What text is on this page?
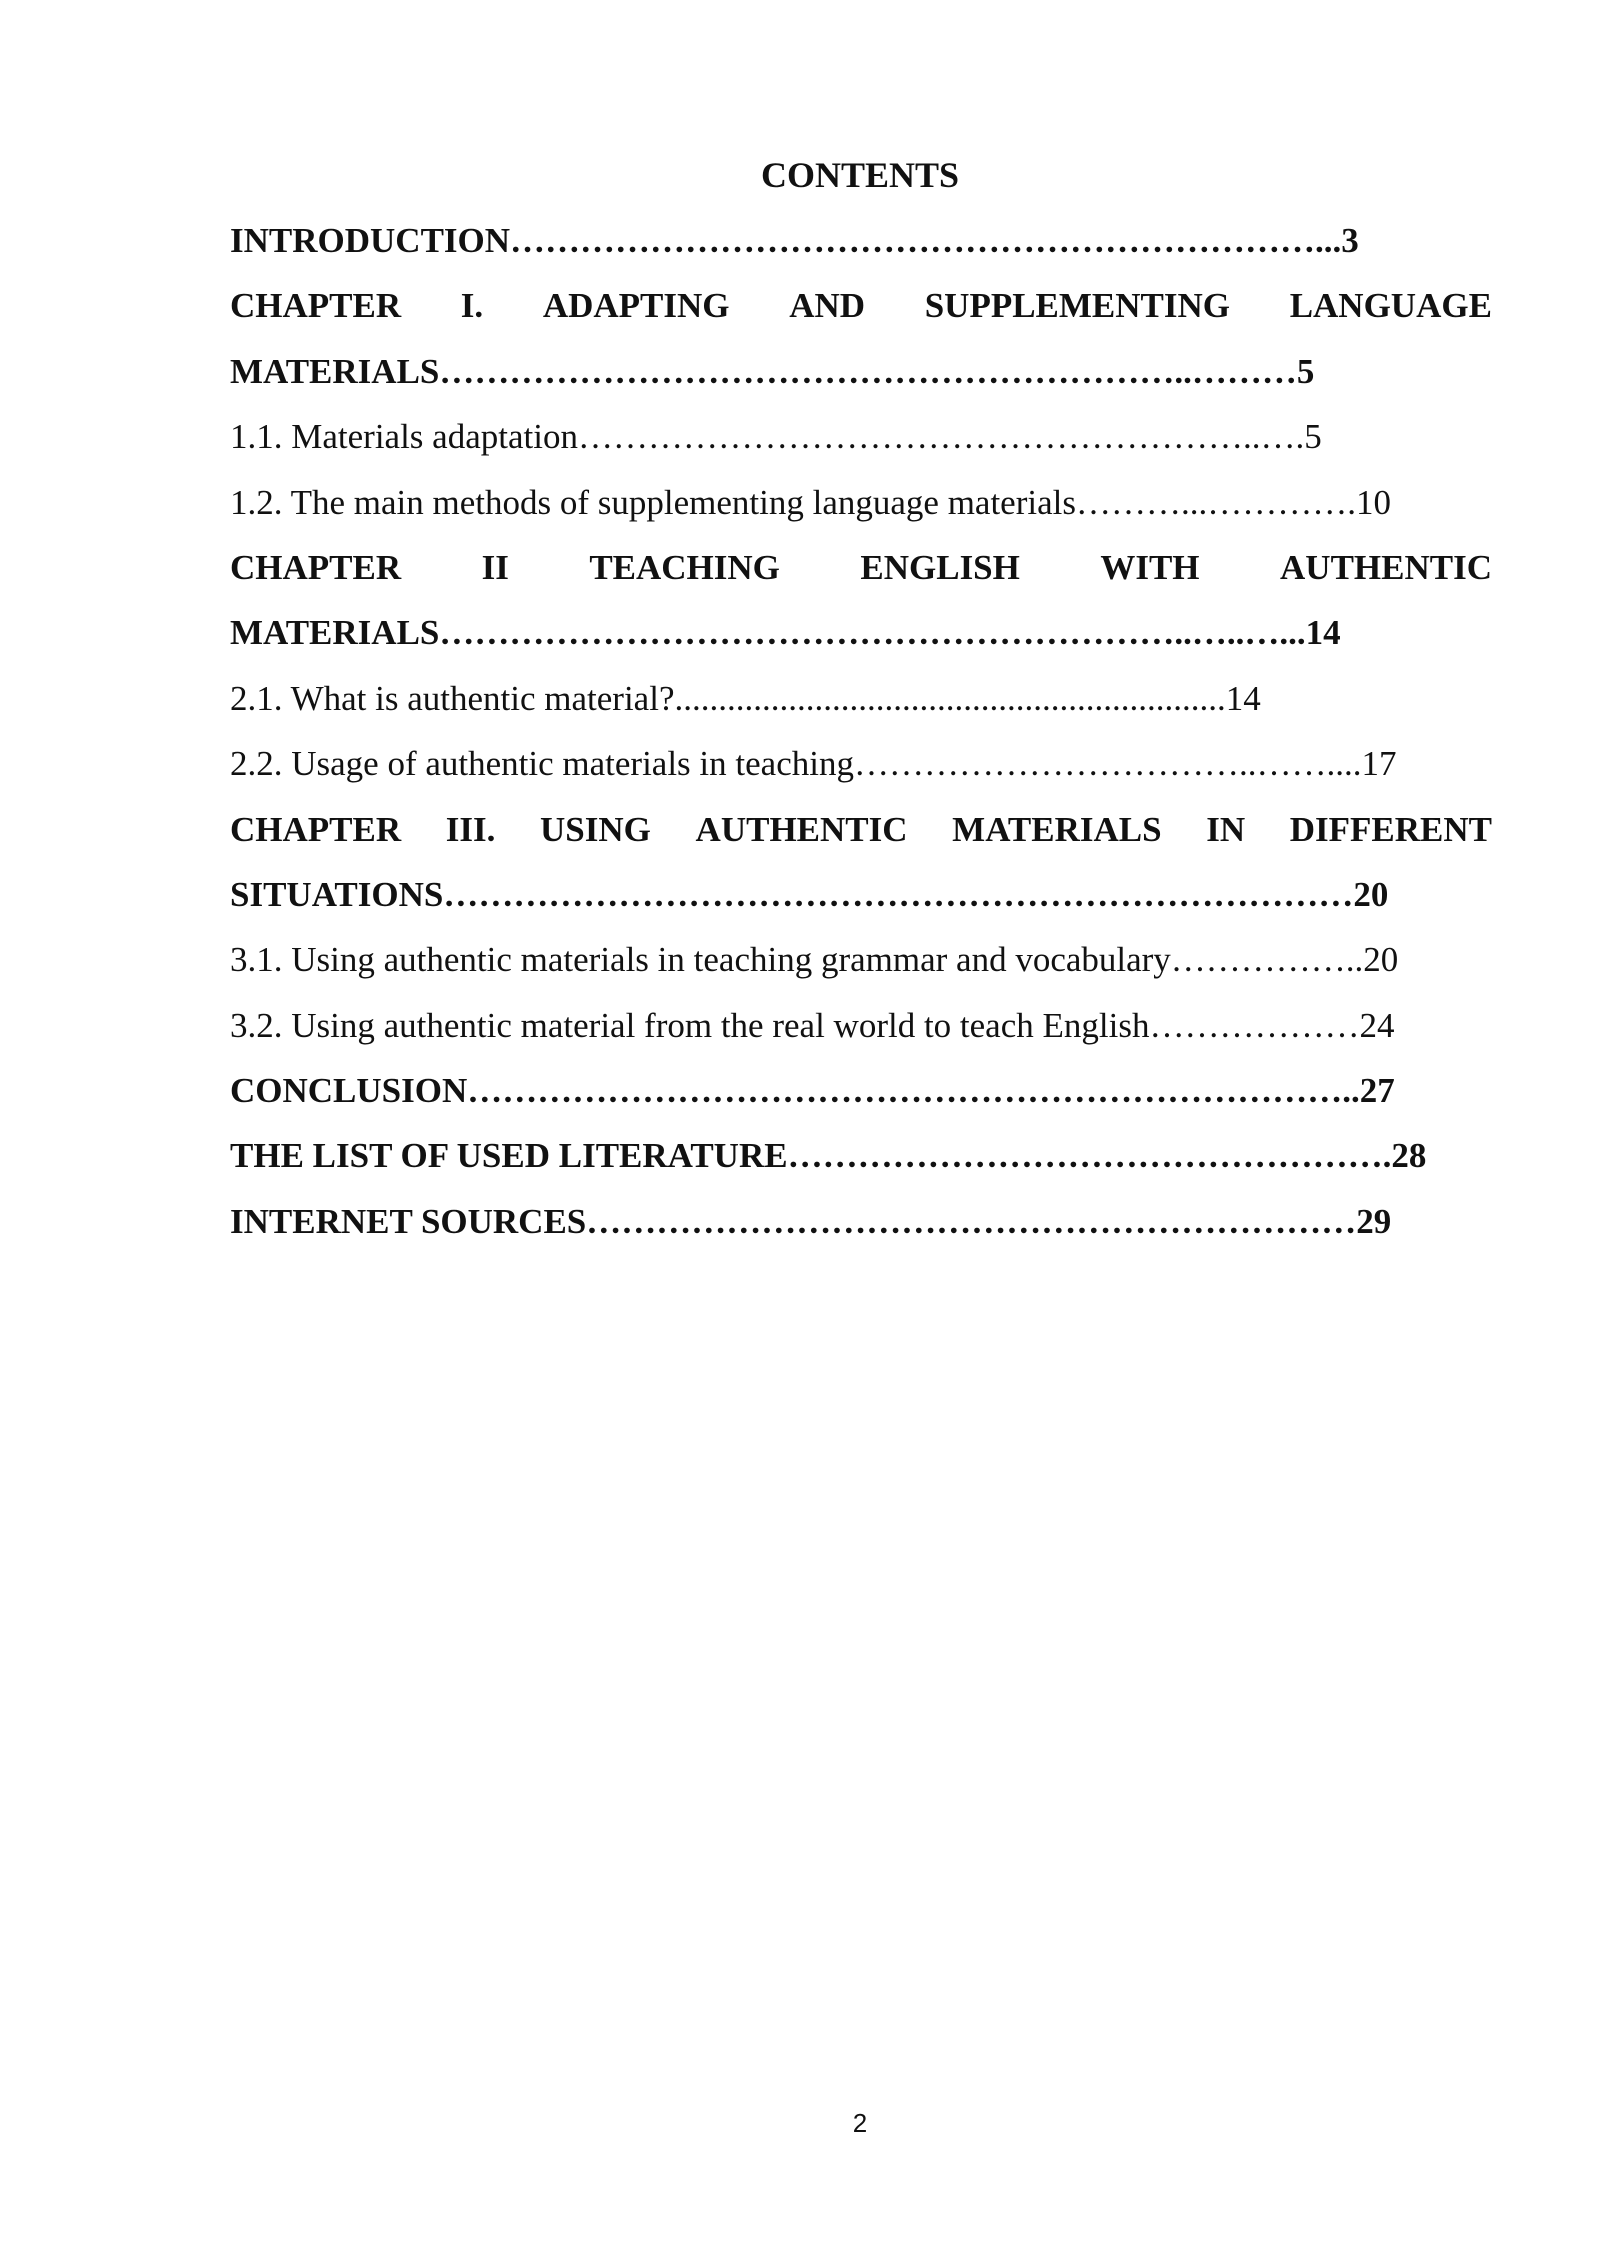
CONTENTS
INTRODUCTION……………………………………………………………...3
CHAPTER I. ADAPTING AND SUPPLEMENTING LANGUAGE
MATERIALS………………………………………………………..………5
1.1. Materials adaptation…………………………………………………..….5
1.2. The main methods of supplementing language materials………...………….10
CHAPTER II TEACHING ENGLISH WITH AUTHENTIC
MATERIALS………………………………………………………..…..…...14
2.1. What is authentic material?...............................................................14
2.2. Usage of authentic materials in teaching……………………………..……....17
CHAPTER III. USING AUTHENTIC MATERIALS IN DIFFERENT
SITUATIONS……………………………………………………………………20
3.1. Using authentic materials in teaching grammar and vocabulary……………..20
3.2. Using authentic material from the real world to teach English………………24
CONCLUSION…………………………………………………………………..27
THE LIST OF USED LITERATURE…………………………………………….28
INTERNET SOURCES…………………………………………………………29
2
